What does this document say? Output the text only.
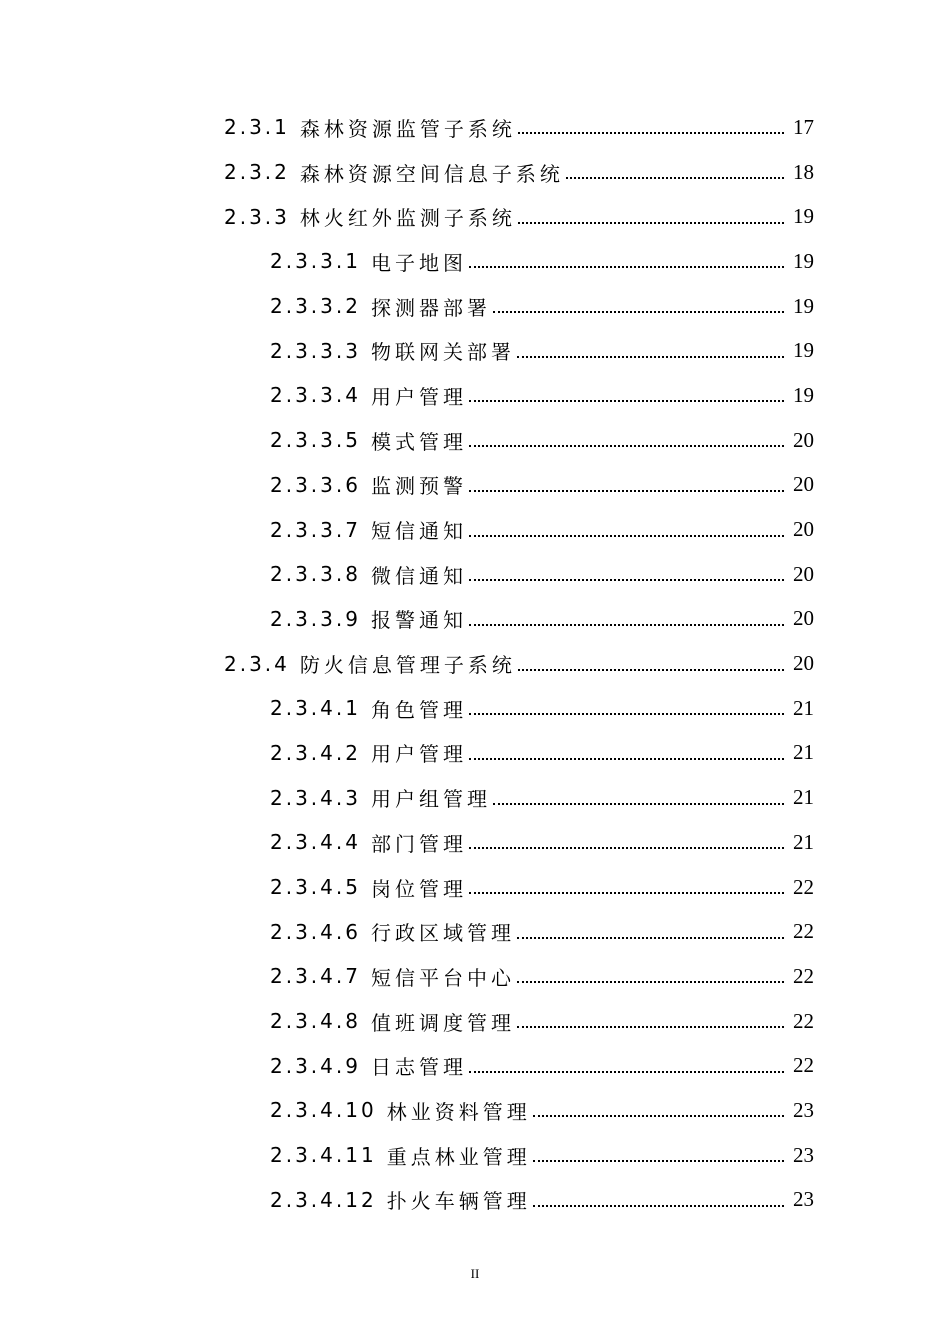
2.3.1 森林资源监管子系统	17
2.3.2 森林资源空间信息子系统	18
2.3.3 林火红外监测子系统	19
2.3.3.1 电子地图	19
2.3.3.2 探测器部署	19
2.3.3.3 物联网关部署	19
2.3.3.4 用户管理	19
2.3.3.5 模式管理	20
2.3.3.6 监测预警	20
2.3.3.7 短信通知	20
2.3.3.8 微信通知	20
2.3.3.9 报警通知	20
2.3.4 防火信息管理子系统	20
2.3.4.1 角色管理	21
2.3.4.2 用户管理	21
2.3.4.3 用户组管理	21
2.3.4.4 部门管理	21
2.3.4.5 岗位管理	22
2.3.4.6 行政区域管理	22
2.3.4.7 短信平台中心	22
2.3.4.8 值班调度管理	22
2.3.4.9 日志管理	22
2.3.4.10 林业资料管理	23
2.3.4.11 重点林业管理	23
2.3.4.12 扑火车辆管理	23
II
